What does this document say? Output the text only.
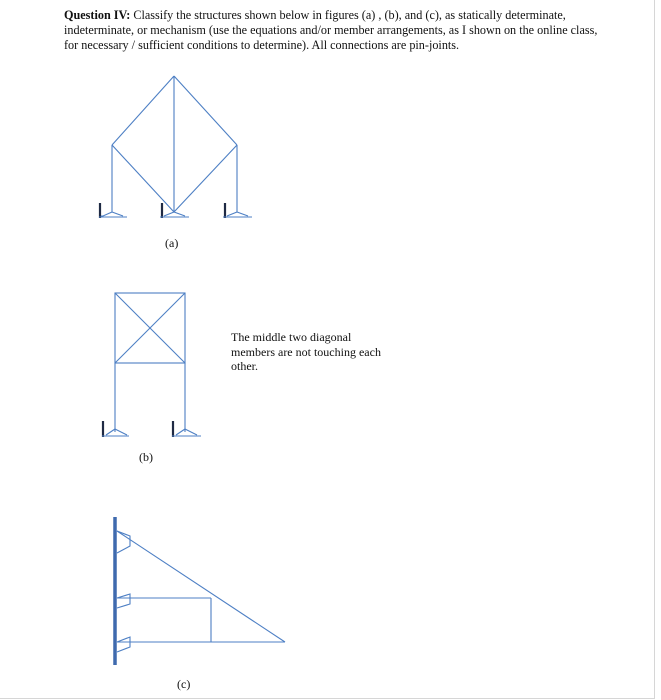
Question IV: Classify the structures shown below in figures (a) , (b), and (c), as statically determinate, indeterminate, or mechanism (use the equations and/or member arrangements, as I shown on the online class, for necessary / sufficient conditions to determine). All connections are pin-joints.
(a)
(b)
(c)
The middle two diagonal members are not touching each other.
